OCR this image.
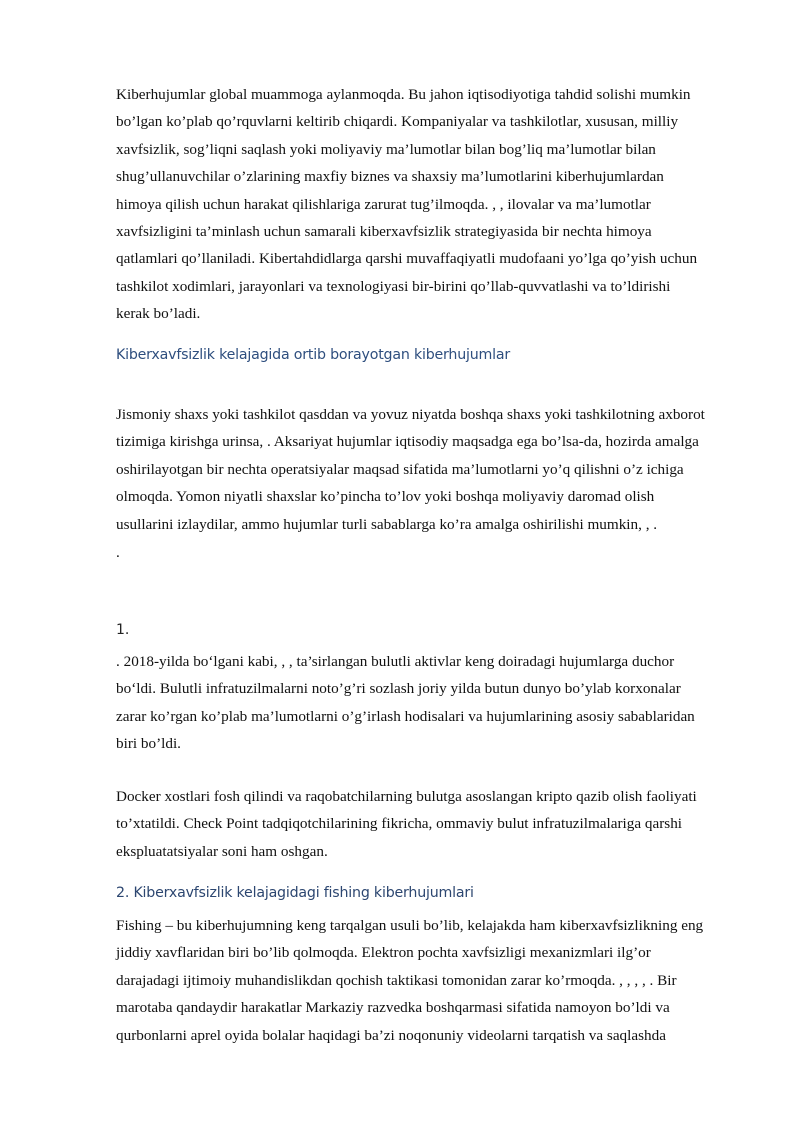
Kiberhujumlar global muammoga aylanmoqda. Bu jahon iqtisodiyotiga tahdid solishi mumkin
bo’lgan ko’plab qo’rquvlarni keltirib chiqardi. Kompaniyalar va tashkilotlar, xususan, milliy
xavfsizlik, sog’liqni saqlash yoki moliyaviy ma’lumotlar bilan bog’liq ma’lumotlar bilan
shug’ullanuvchilar o’zlarining maxfiy biznes va shaxsiy ma’lumotlarini kiberhujumlardan
himoya qilish uchun harakat qilishlariga zarurat tug’ilmoqda. , , ilovalar va ma’lumotlar
xavfsizligini ta’minlash uchun samarali kiberxavfsizlik strategiyasida bir nechta himoya
qatlamlari qo’llaniladi. Kibertahdidlarga qarshi muvaffaqiyatli mudofaani yo’lga qo’yish uchun
tashkilot xodimlari, jarayonlari va texnologiyasi bir-birini qo’llab-quvvatlashi va to’ldirishi
kerak bo’ladi.

Kiberxavfsizlik kelajagida ortib borayotgan kiberhujumlar

Jismoniy shaxs yoki tashkilot qasddan va yovuz niyatda boshqa shaxs yoki tashkilotning axborot
tizimiga kirishga urinsa, . Aksariyat hujumlar iqtisodiy maqsadga ega bo’lsa-da, hozirda amalga
oshirilayotgan bir nechta operatsiyalar maqsad sifatida ma’lumotlarni yo’q qilishni o’z ichiga
olmoqda. Yomon niyatli shaxslar ko’pincha to’lov yoki boshqa moliyaviy daromad olish
usullarini izlaydilar, ammo hujumlar turli sabablarga ko’ra amalga oshirilishi mumkin, , .

.

1.

. 2018-yilda bo‘lgani kabi, , , ta’sirlangan bulutli aktivlar keng doiradagi hujumlarga duchor
bo‘ldi. Bulutli infratuzilmalarni noto’g’ri sozlash joriy yilda butun dunyo bo’ylab korxonalar
zarar ko’rgan ko’plab ma’lumotlarni o’g’irlash hodisalari va hujumlarining asosiy sabablaridan
biri bo’ldi.

Docker xostlari fosh qilindi va raqobatchilarning bulutga asoslangan kripto qazib olish faoliyati
to’xtatildi. Check Point tadqiqotchilarining fikricha, ommaviy bulut infratuzilmalariga qarshi
ekspluatatsiyalar soni ham oshgan.

2. Kiberxavfsizlik kelajagidagi fishing kiberhujumlari

Fishing – bu kiberhujumning keng tarqalgan usuli bo’lib, kelajakda ham kiberxavfsizlikning eng
jiddiy xavflaridan biri bo’lib qolmoqda. Elektron pochta xavfsizligi mexanizmlari ilg’or
darajadagi ijtimoiy muhandislikdan qochish taktikasi tomonidan zarar ko’rmoqda. , , , , . Bir
marotaba qandaydir harakatlar Markaziy razvedka boshqarmasi sifatida namoyon bo’ldi va
qurbonlarni aprel oyida bolalar haqidagi ba’zi noqonuniy videolarni tarqatish va saqlashda
